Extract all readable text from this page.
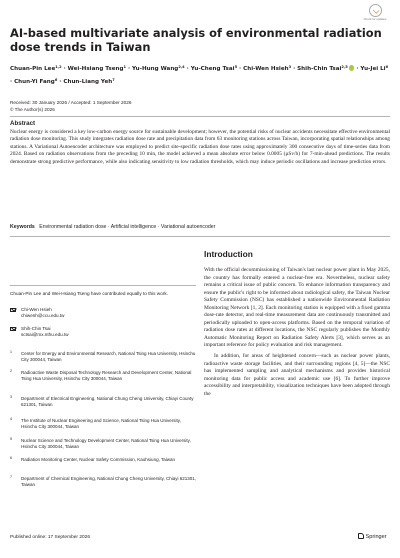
Check for updates
AI-based multivariate analysis of environmental radiation dose trends in Taiwan
Chuan-Pin Lee$^{1,2}$ · Wei-Hsiang Tseng$^1$ · Yu-Hung Wang$^{2,4}$ · Yu-Cheng Tsai$^5$ · Chi-Wen Hsieh$^3$ · Shih-Chin Tsai$^{2,5}$ · Yu-Jei $Li^6$ · Chun-Yi Fang$^6$ · Chun-Liang Yeh$^7$
Received: 30 January 2026 / Accepted: 1 September 2026
© The Author(s) 2026
Abstract
Nuclear energy is considered a key low-carbon energy source for sustainable development; however, the potential risks of nuclear accidents necessitate effective environmental radiation dose monitoring. This study integrates radiation dose rate and precipitation data from 63 monitoring stations across Taiwan, incorporating spatial relationships among stations. A Variational Autoencoder architecture was employed to predict site-specific radiation dose rates using approximately 300 consecutive days of time-series data from 2024. Based on radiation observations from the preceding 10 min, the model achieved a mean absolute error below 0.0005 (μSv/h) for 7-min-ahead predictions. The results demonstrate strong predictive performance, while also indicating sensitivity to low radiation thresholds, which may induce periodic oscillations and increase prediction errors.
Keywords Environmental radiation dose · Artificial intelligence · Variational autoencoder
Chuan-Pin Lee and Wei-Hsiang Tseng have contributed equally to this work.
Chi-Wen Hsieh
chiwenh@ccu.edu.tw
Shih-Chin Tsai
sctsai@mx.nthu.edu.tw
1 Center for Energy and Environmental Research, National Tsing Hua University, Hsinchu City 300044, Taiwan
2 Radioactive Waste Disposal Technology Research and Development Center, National Tsing Hua University, Hsinchu City 300044, Taiwan
3 Department of Electrical Engineering, National Chung Cheng University, Chiayi County 621301, Taiwan
4 The Institute of Nuclear Engineering and Science, National Tsing Hua University, Hsinchu City 300044, Taiwan
5 Nuclear Science and Technology Development Center, National Tsing Hua University, Hsinchu City 300044, Taiwan
6 Radiation Monitoring Center, Nuclear Safety Commission, Kaohsiung, Taiwan
7 Department of Chemical Engineering, National Chung Cheng University, Chiayi 621301, Taiwan
Published online: 17 September 2026	Springer
Introduction

With the official decommissioning of Taiwan's last nuclear power plant in May 2025, the country has formally entered a nuclear-free era. Nevertheless, nuclear safety remains a critical issue of public concern. To enhance information transparency and ensure the public's right to be informed about radiological safety, the Taiwan Nuclear Safety Commission (NSC) has established a nationwide Environmental Radiation Monitoring Network [1, 2]. Each monitoring station is equipped with a fixed gamma dose-rate detector, and real-time measurement data are continuously transmitted and periodically uploaded to open-access platforms. Based on the temporal variation of radiation dose rates at different locations, the NSC regularly publishes the Monthly Automatic Monitoring Report on Radiation Safety Alerts [3], which serves as an important reference for policy evaluation and risk management.

In addition, for areas of heightened concern—such as nuclear power plants, radioactive waste storage facilities, and their surrounding regions [4, 5]—the NSC has implemented sampling and analytical mechanisms and provides historical monitoring data for public access and academic use [6]. To further improve accessibility and interpretability, visualization techniques have been adopted through the
